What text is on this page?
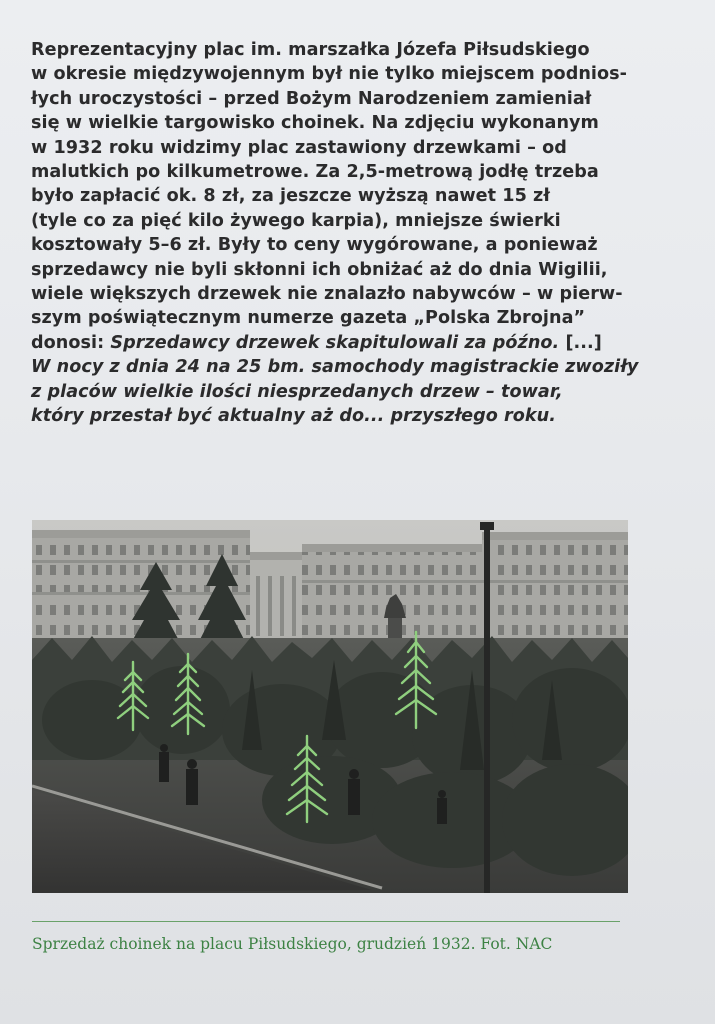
Reprezentacyjny plac im. marszałka Józefa Piłsudskiego
w okresie międzywojennym był nie tylko miejscem podnios-
łych uroczystości – przed Bożym Narodzeniem zamieniał
się w wielkie targowisko choinek. Na zdjęciu wykonanym
w 1932 roku widzimy plac zastawiony drzewkami – od
malutkich po kilkumetrowe. Za 2,5-metrową jodłę trzeba
było zapłacić ok. 8 zł, za jeszcze wyższą nawet 15 zł
(tyle co za pięć kilo żywego karpia), mniejsze świerki
kosztowały 5–6 zł. Były to ceny wygórowane, a ponieważ
sprzedawcy nie byli skłonni ich obniżać aż do dnia Wigilii,
wiele większych drzewek nie znalazło nabywców – w pierw-
szym poświątecznym numerze gazeta „Polska Zbrojna”
donosi: Sprzedawcy drzewek skapitulowali za późno. [...]
W nocy z dnia 24 na 25 bm. samochody magistrackie zwoziły
z placów wielkie ilości niesprzedanych drzew – towar,
który przestał być aktualny aż do... przyszłego roku.
Sprzedaż choinek na placu Piłsudskiego, grudzień 1932. Fot. NAC
